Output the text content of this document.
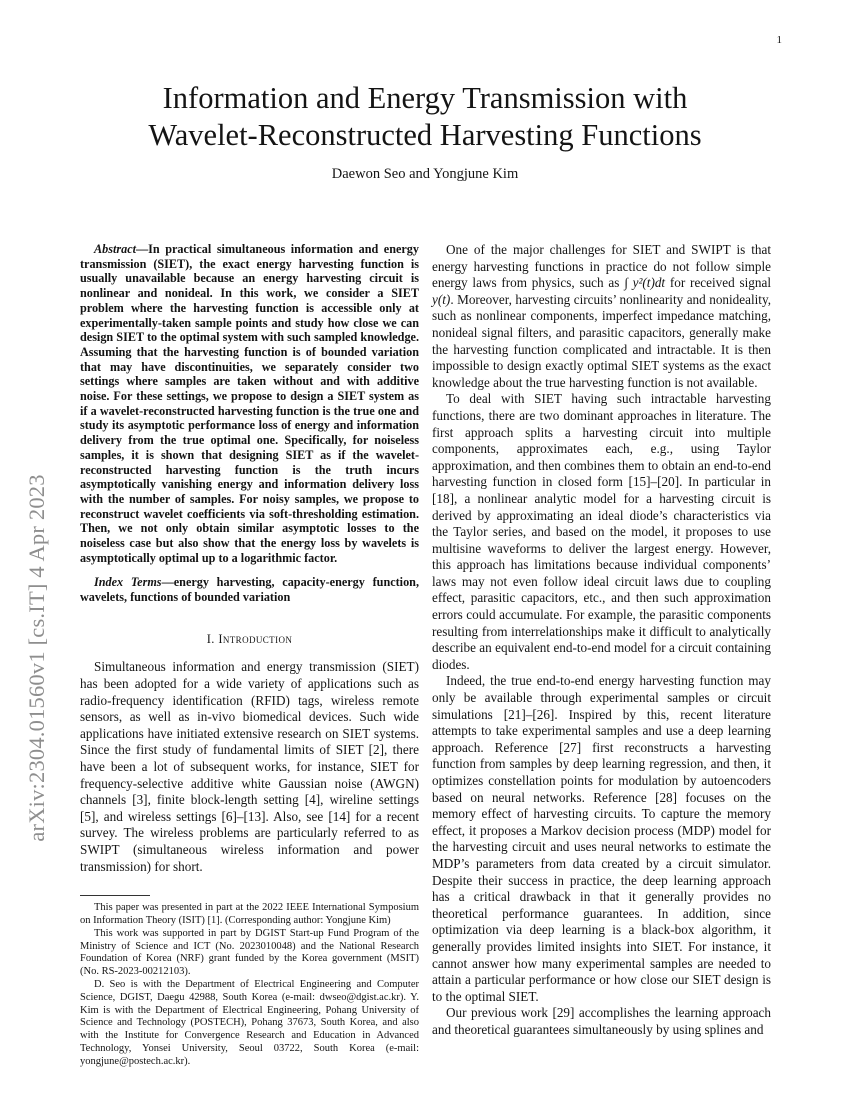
1
arXiv:2304.01560v1 [cs.IT] 4 Apr 2023
Information and Energy Transmission with
Wavelet-Reconstructed Harvesting Functions
Daewon Seo and Yongjune Kim

Abstract—In practical simultaneous information and energy transmission (SIET), the exact energy harvesting function is usually unavailable because an energy harvesting circuit is nonlinear and nonideal. In this work, we consider a SIET problem where the harvesting function is accessible only at experimentally-taken sample points and study how close we can design SIET to the optimal system with such sampled knowledge. Assuming that the harvesting function is of bounded variation that may have discontinuities, we separately consider two settings where samples are taken without and with additive noise. For these settings, we propose to design a SIET system as if a wavelet-reconstructed harvesting function is the true one and study its asymptotic performance loss of energy and information delivery from the true optimal one. Specifically, for noiseless samples, it is shown that designing SIET as if the wavelet-reconstructed harvesting function is the truth incurs asymptotically vanishing energy and information delivery loss with the number of samples. For noisy samples, we propose to reconstruct wavelet coefficients via soft-thresholding estimation. Then, we not only obtain similar asymptotic losses to the noiseless case but also show that the energy loss by wavelets is asymptotically optimal up to a logarithmic factor.

Index Terms—energy harvesting, capacity-energy function, wavelets, functions of bounded variation

I. Introduction

Simultaneous information and energy transmission (SIET) has been adopted for a wide variety of applications such as radio-frequency identification (RFID) tags, wireless remote sensors, as well as in-vivo biomedical devices. Such wide applications have initiated extensive research on SIET systems. Since the first study of fundamental limits of SIET [2], there have been a lot of subsequent works, for instance, SIET for frequency-selective additive white Gaussian noise (AWGN) channels [3], finite block-length setting [4], wireline settings [5], and wireless settings [6]–[13]. Also, see [14] for a recent survey. The wireless problems are particularly referred to as SWIPT (simultaneous wireless information and power transmission) for short.

This paper was presented in part at the 2022 IEEE International Symposium on Information Theory (ISIT) [1]. (Corresponding author: Yongjune Kim)

This work was supported in part by DGIST Start-up Fund Program of the Ministry of Science and ICT (No. 2023010048) and the National Research Foundation of Korea (NRF) grant funded by the Korea government (MSIT) (No. RS-2023-00212103).

D. Seo is with the Department of Electrical Engineering and Computer Science, DGIST, Daegu 42988, South Korea (e-mail: dwseo@dgist.ac.kr). Y. Kim is with the Department of Electrical Engineering, Pohang University of Science and Technology (POSTECH), Pohang 37673, South Korea, and also with the Institute for Convergence Research and Education in Advanced Technology, Yonsei University, Seoul 03722, South Korea (e-mail: yongjune@postech.ac.kr).

One of the major challenges for SIET and SWIPT is that energy harvesting functions in practice do not follow simple energy laws from physics, such as ∫ y²(t)dt for received signal y(t). Moreover, harvesting circuits’ nonlinearity and nonideality, such as nonlinear components, imperfect impedance matching, nonideal signal filters, and parasitic capacitors, generally make the harvesting function complicated and intractable. It is then impossible to design exactly optimal SIET systems as the exact knowledge about the true harvesting function is not available.

To deal with SIET having such intractable harvesting functions, there are two dominant approaches in literature. The first approach splits a harvesting circuit into multiple components, approximates each, e.g., using Taylor approximation, and then combines them to obtain an end-to-end harvesting function in closed form [15]–[20]. In particular in [18], a nonlinear analytic model for a harvesting circuit is derived by approximating an ideal diode’s characteristics via the Taylor series, and based on the model, it proposes to use multisine waveforms to deliver the largest energy. However, this approach has limitations because individual components’ laws may not even follow ideal circuit laws due to coupling effect, parasitic capacitors, etc., and then such approximation errors could accumulate. For example, the parasitic components resulting from interrelationships make it difficult to analytically describe an equivalent end-to-end model for a circuit containing diodes.

Indeed, the true end-to-end energy harvesting function may only be available through experimental samples or circuit simulations [21]–[26]. Inspired by this, recent literature attempts to take experimental samples and use a deep learning approach. Reference [27] first reconstructs a harvesting function from samples by deep learning regression, and then, it optimizes constellation points for modulation by autoencoders based on neural networks. Reference [28] focuses on the memory effect of harvesting circuits. To capture the memory effect, it proposes a Markov decision process (MDP) model for the harvesting circuit and uses neural networks to estimate the MDP’s parameters from data created by a circuit simulator. Despite their success in practice, the deep learning approach has a critical drawback in that it generally provides no theoretical performance guarantees. In addition, since optimization via deep learning is a black-box algorithm, it generally provides limited insights into SIET. For instance, it cannot answer how many experimental samples are needed to attain a particular performance or how close our SIET design is to the optimal SIET.

Our previous work [29] accomplishes the learning approach and theoretical guarantees simultaneously by using splines and
